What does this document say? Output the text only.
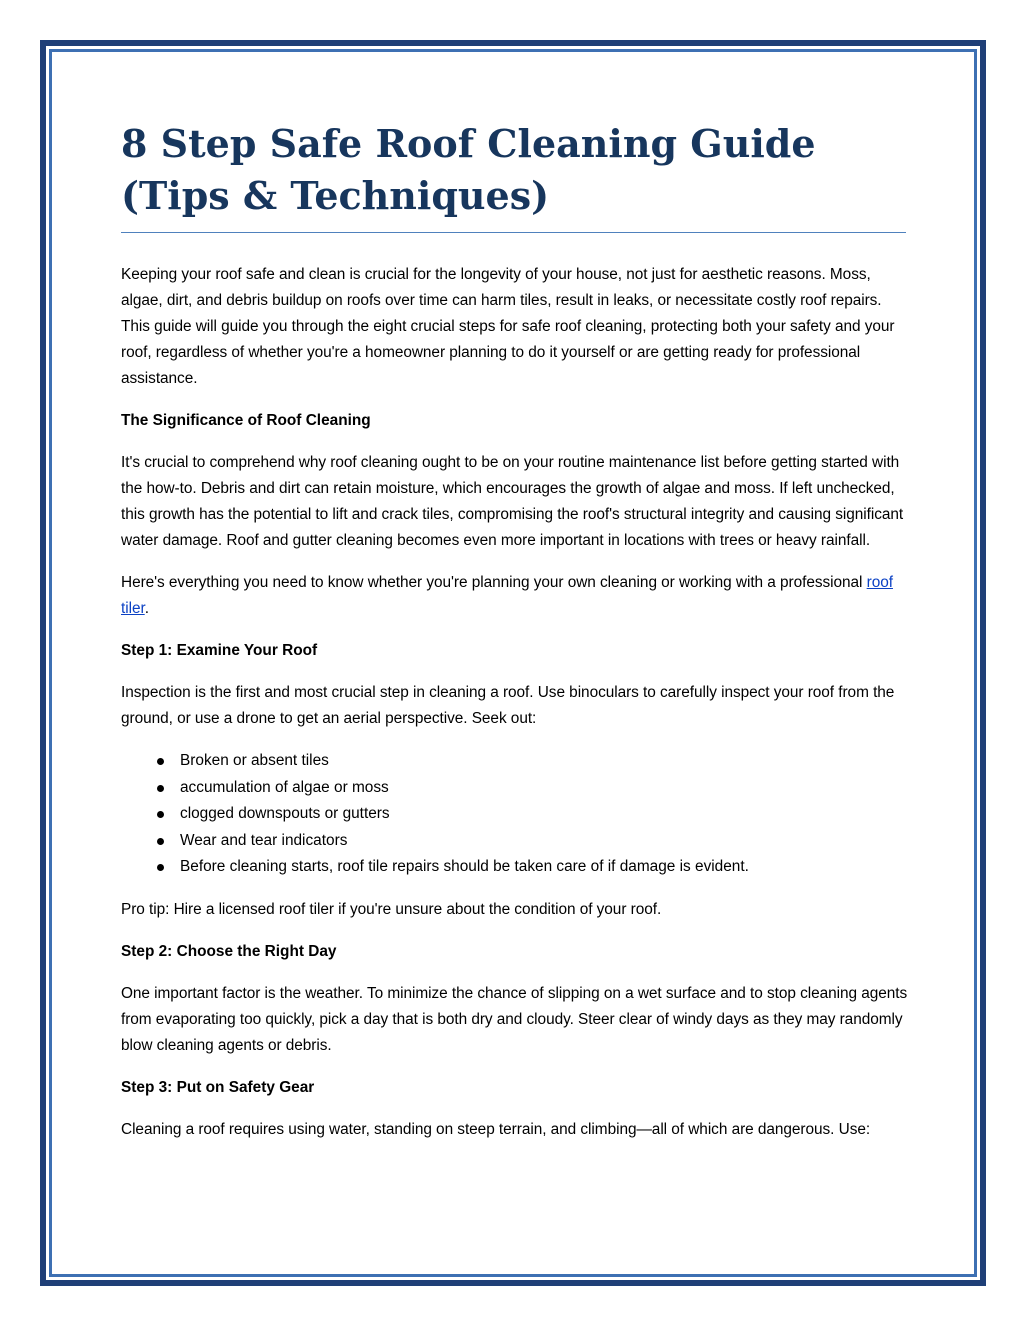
8 Step Safe Roof Cleaning Guide (Tips & Techniques)

Keeping your roof safe and clean is crucial for the longevity of your house, not just for aesthetic reasons. Moss, algae, dirt, and debris buildup on roofs over time can harm tiles, result in leaks, or necessitate costly roof repairs. This guide will guide you through the eight crucial steps for safe roof cleaning, protecting both your safety and your roof, regardless of whether you're a homeowner planning to do it yourself or are getting ready for professional assistance.

The Significance of Roof Cleaning

It's crucial to comprehend why roof cleaning ought to be on your routine maintenance list before getting started with the how-to. Debris and dirt can retain moisture, which encourages the growth of algae and moss. If left unchecked, this growth has the potential to lift and crack tiles, compromising the roof's structural integrity and causing significant water damage. Roof and gutter cleaning becomes even more important in locations with trees or heavy rainfall.

Here's everything you need to know whether you're planning your own cleaning or working with a professional roof tiler.

Step 1: Examine Your Roof

Inspection is the first and most crucial step in cleaning a roof. Use binoculars to carefully inspect your roof from the ground, or use a drone to get an aerial perspective. Seek out:

Broken or absent tiles
accumulation of algae or moss
clogged downspouts or gutters
Wear and tear indicators
Before cleaning starts, roof tile repairs should be taken care of if damage is evident.

Pro tip: Hire a licensed roof tiler if you're unsure about the condition of your roof.

Step 2: Choose the Right Day

One important factor is the weather. To minimize the chance of slipping on a wet surface and to stop cleaning agents from evaporating too quickly, pick a day that is both dry and cloudy. Steer clear of windy days as they may randomly blow cleaning agents or debris.

Step 3: Put on Safety Gear

Cleaning a roof requires using water, standing on steep terrain, and climbing—all of which are dangerous. Use:
